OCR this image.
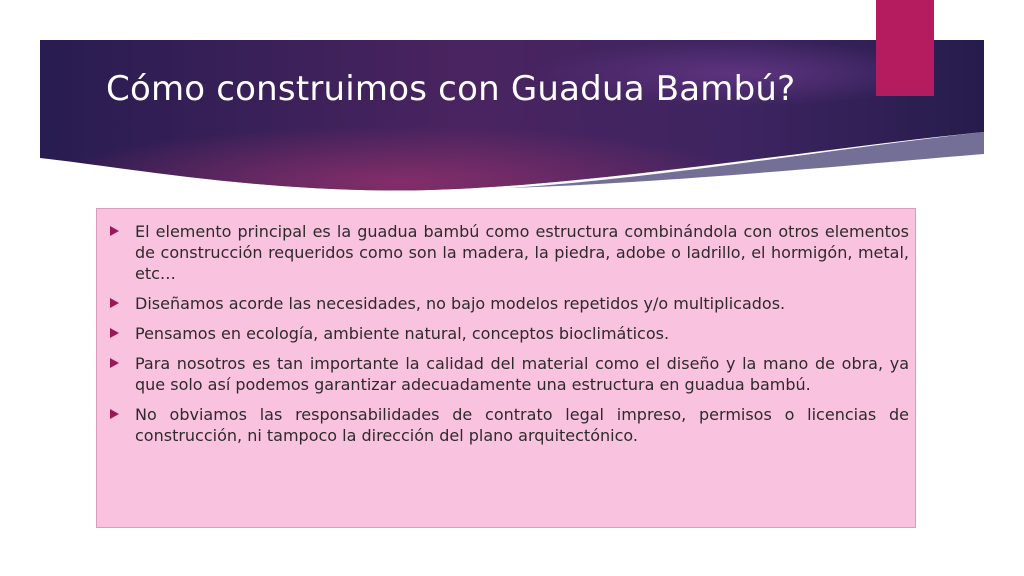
Cómo construimos con Guadua Bambú?
El elemento principal es la guadua bambú como estructura combinándola con otros elementos de construcción requeridos como son la madera, la piedra, adobe o ladrillo, el hormigón, metal, etc…
Diseñamos acorde las necesidades, no bajo modelos repetidos y/o multiplicados.
Pensamos en ecología, ambiente natural, conceptos bioclimáticos.
Para nosotros es tan importante la calidad del material como el diseño y la mano de obra, ya que solo así podemos garantizar adecuadamente una estructura en guadua bambú.
No obviamos las responsabilidades de contrato legal impreso, permisos o licencias de construcción, ni tampoco la dirección del plano arquitectónico.
